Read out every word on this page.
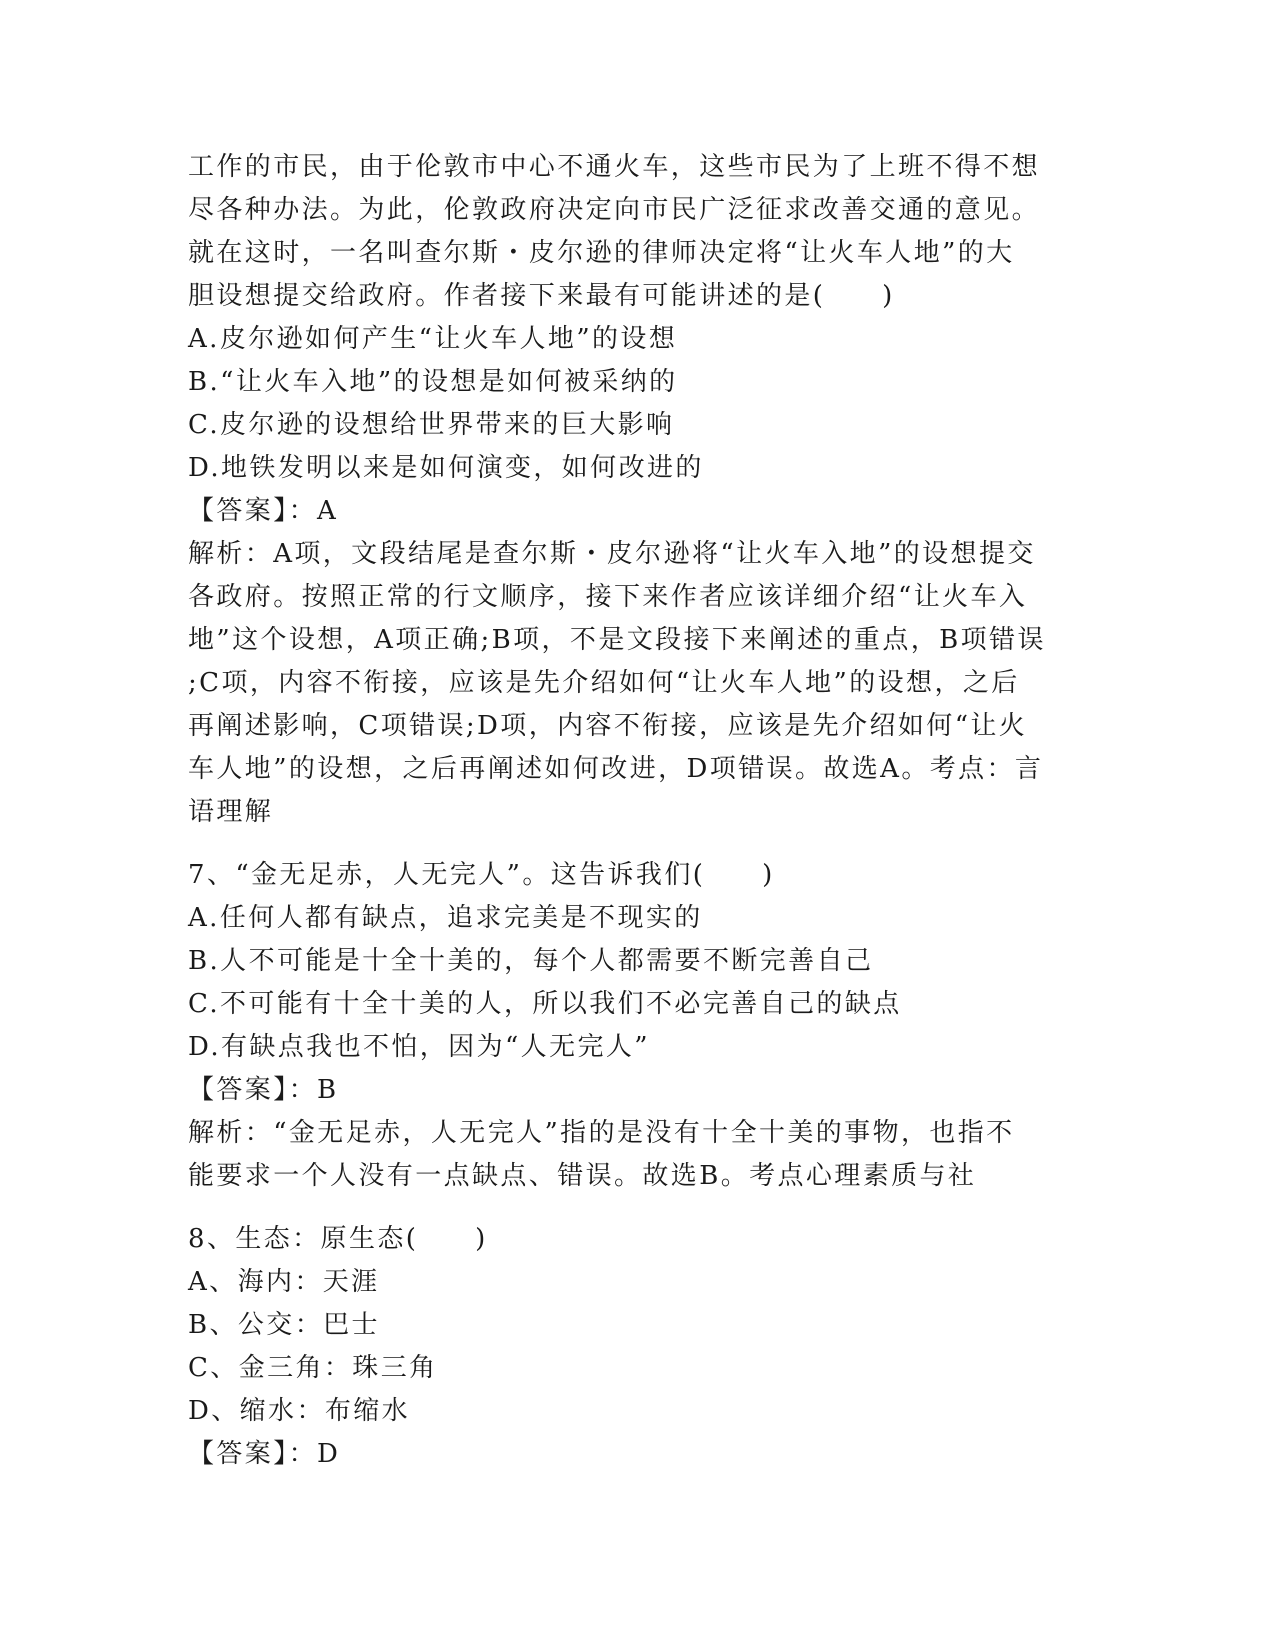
工作的市民，由于伦敦市中心不通火车，这些市民为了上班不得不想
尽各种办法。为此，伦敦政府决定向市民广泛征求改善交通的意见。
就在这时，一名叫查尔斯・皮尔逊的律师决定将“让火车人地”的大
胆设想提交给政府。作者接下来最有可能讲述的是(　　)
A.皮尔逊如何产生“让火车人地”的设想
B.“让火车入地”的设想是如何被采纳的
C.皮尔逊的设想给世界带来的巨大影响
D.地铁发明以来是如何演变，如何改进的
【答案】：A
解析：A项，文段结尾是查尔斯・皮尔逊将“让火车入地”的设想提交
各政府。按照正常的行文顺序，接下来作者应该详细介绍“让火车入
地”这个设想，A项正确;B项，不是文段接下来阐述的重点，B项错误
;C项，内容不衔接，应该是先介绍如何“让火车人地”的设想，之后
再阐述影响，C项错误;D项，内容不衔接，应该是先介绍如何“让火
车人地”的设想，之后再阐述如何改进，D项错误。故选A。考点：言
语理解
7、“金无足赤，人无完人”。这告诉我们(　　)
A.任何人都有缺点，追求完美是不现实的
B.人不可能是十全十美的，每个人都需要不断完善自己
C.不可能有十全十美的人，所以我们不必完善自己的缺点
D.有缺点我也不怕，因为“人无完人”
【答案】：B
解析：“金无足赤，人无完人”指的是没有十全十美的事物，也指不
能要求一个人没有一点缺点、错误。故选B。考点心理素质与社
8、生态：原生态(　　)
A、海内：天涯
B、公交：巴士
C、金三角：珠三角
D、缩水：布缩水
【答案】：D
